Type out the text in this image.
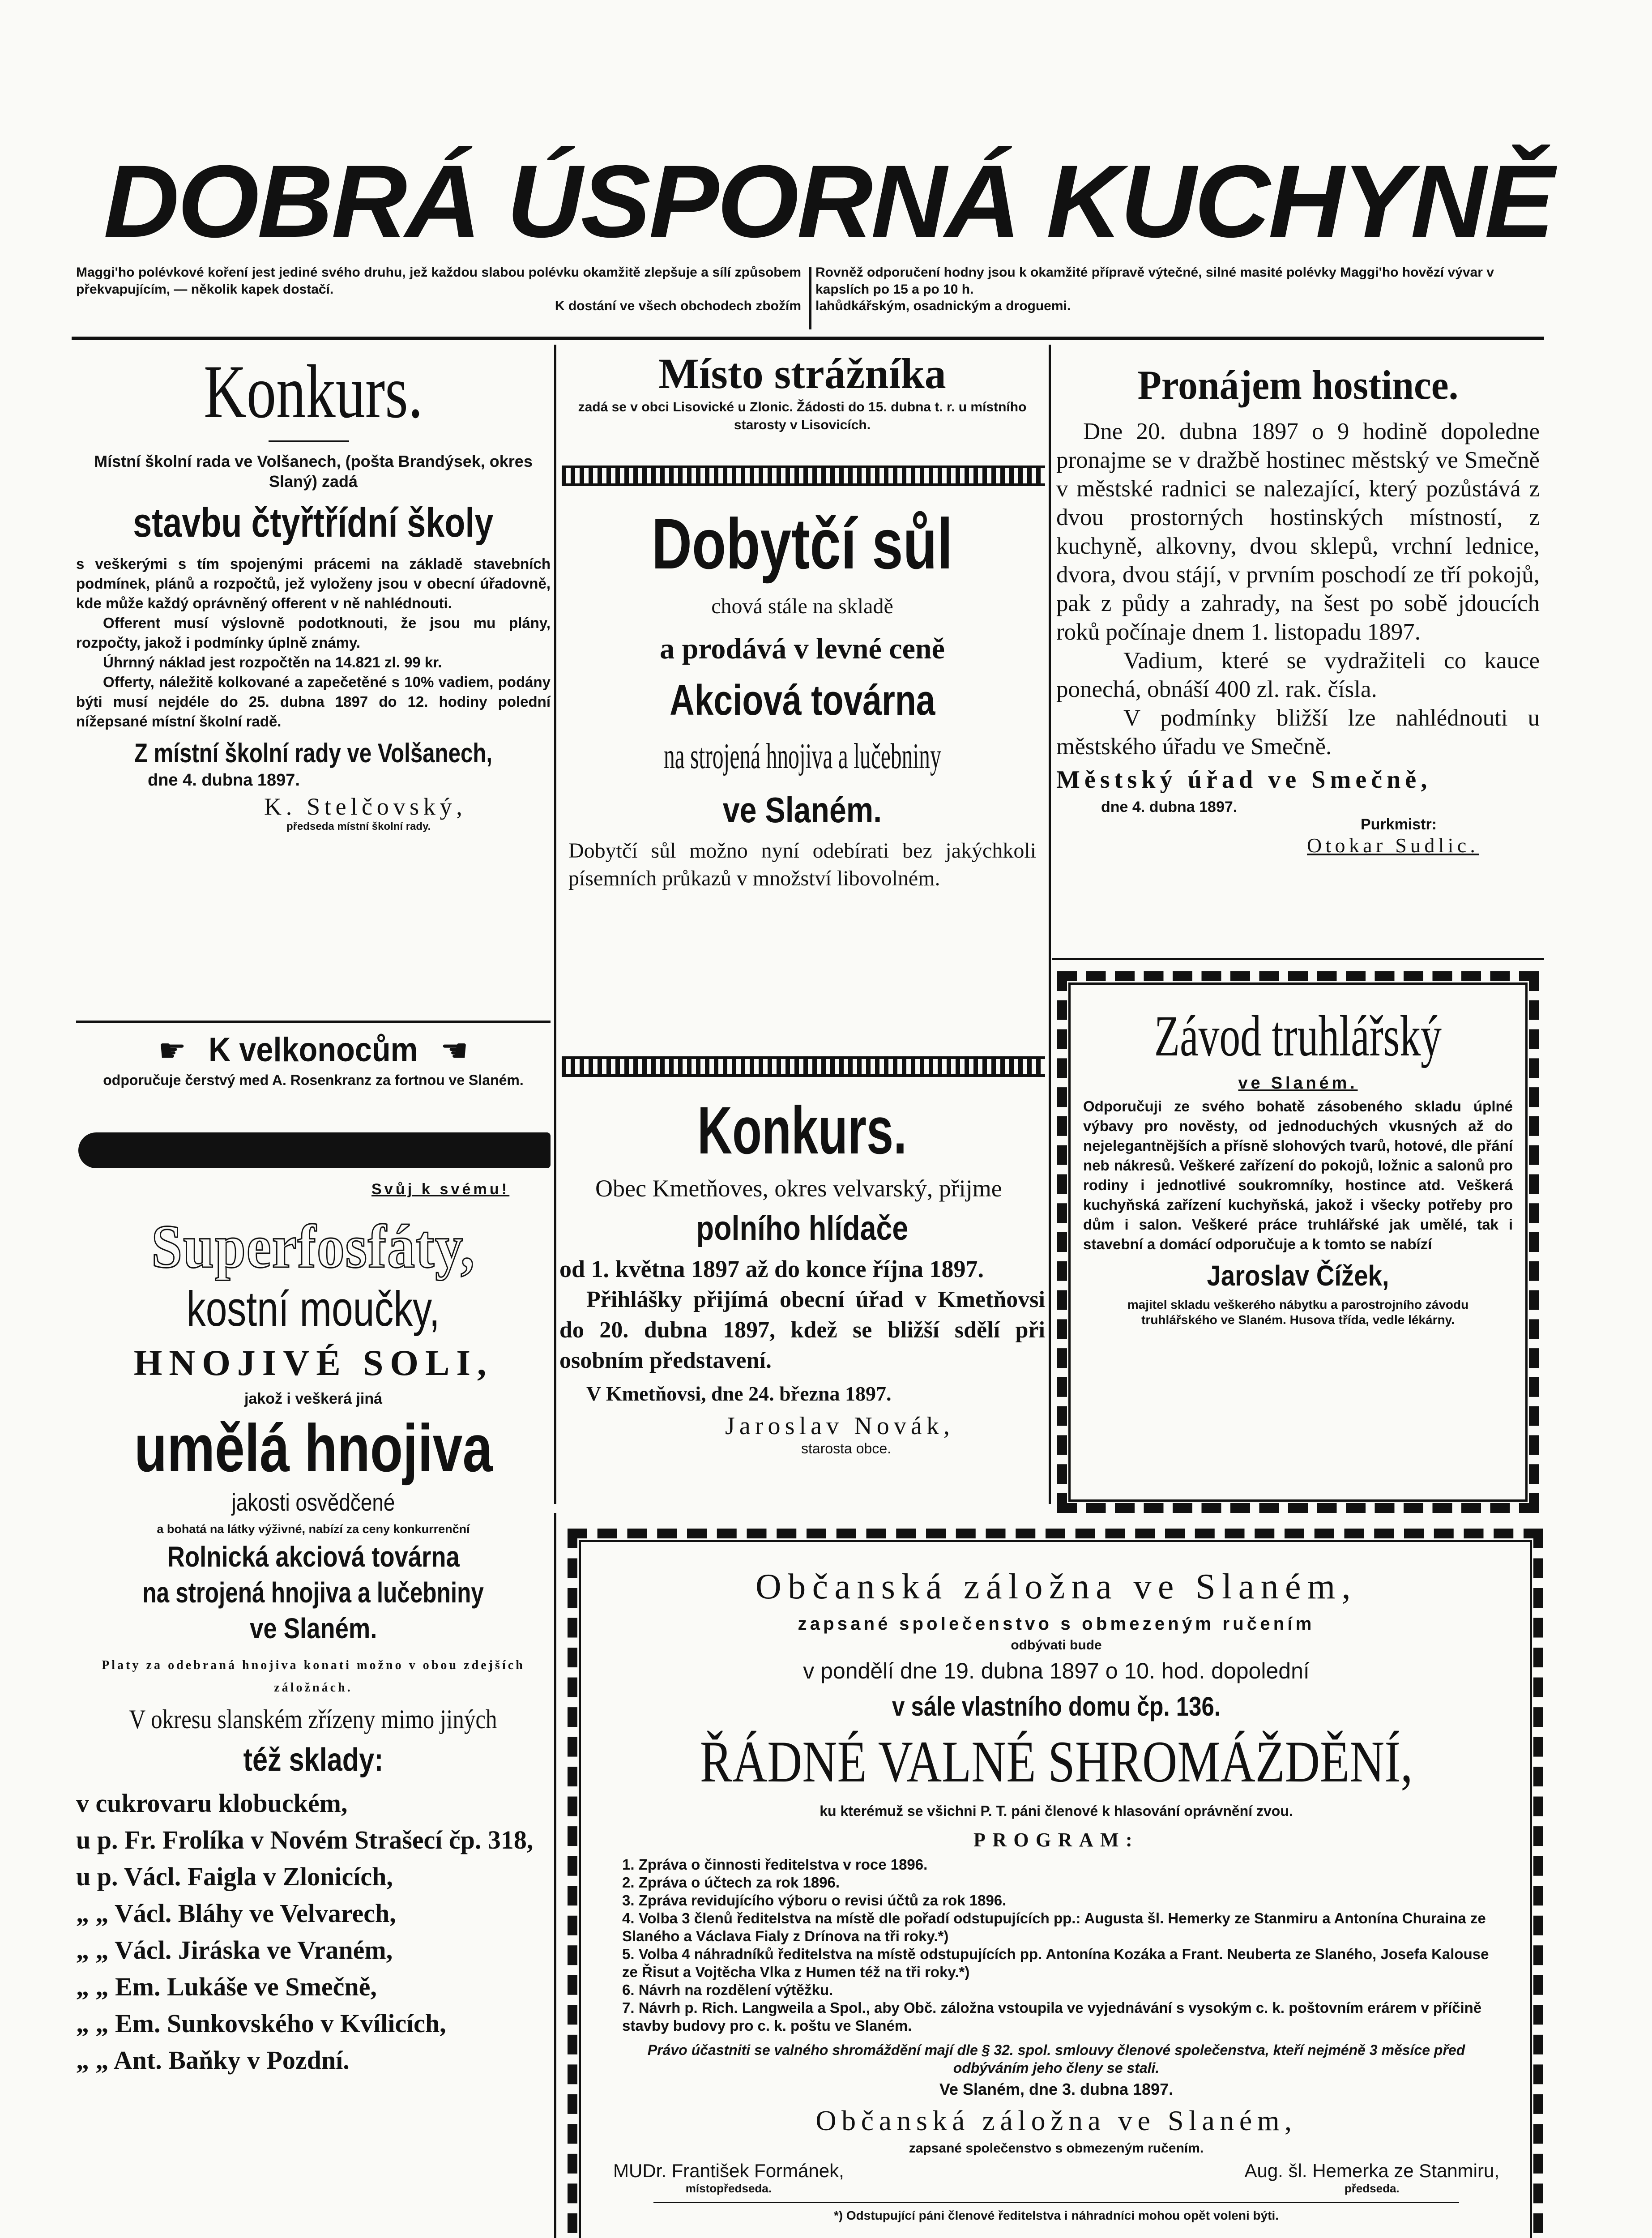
DOBRÁ ÚSPORNÁ KUCHYNĚ
Maggi'ho polévkové koření jest jediné svého druhu, jež každou slabou polévku okamžitě zlepšuje a sílí způsobem překvapujícím, — několik kapek dostačí.

K dostání ve všech obchodech zbožím
Rovněž odporučení hodny jsou k okamžité přípravě výtečné, silné masité polévky Maggi'ho hovězí vývar v kapslích po 15 a po 10 h.
lahůdkářským, osadnickým a droguemi.
Konkurs.
Místní školní rada ve Volšanech, (pošta Brandýsek, okres Slaný) zadá
stavbu čtyřtřídní školy
s veškerými s tím spojenými prácemi na základě stavebních podmínek, plánů a rozpočtů, jež vyloženy jsou v obecní úřadovně, kde může každý oprávněný offerent v ně nahlédnouti.
Offerent musí výslovně podotknouti, že jsou mu plány, rozpočty, jakož i podmínky úplně známy.
Úhrnný náklad jest rozpočtěn na 14.821 zl. 99 kr.
Offerty, náležitě kolkované a zapečetěné s 10% vadiem, podány býti musí nejdéle do 25. dubna 1897 do 12. hodiny polední nížepsané místní školní radě.
Z místní školní rady ve Volšanech,
dne 4. dubna 1897.
K. Stelčovský,
předseda místní školní rady.
☛ K velkonocům ☚
odporučuje čerstvý med A. Rosenkranz za fortnou ve Slaném.
Svůj k svému!
Superfosfáty,
kostní moučky,
HNOJIVÉ SOLI,
jakož i veškerá jiná
umělá hnojiva
jakosti osvědčené
a bohatá na látky výživné, nabízí za ceny konkurrenční
Rolnická akciová továrna
na strojená hnojiva a lučebniny
ve Slaném.
Platy za odebraná hnojiva konati možno v obou zdejších záložnách.
V okresu slanském zřízeny mimo jiných
též sklady:
v cukrovaru klobuckém,
u p. Fr. Frolíka v Novém Strašecí čp. 318,
u p. Václ. Faigla v Zlonicích,
„ „ Václ. Bláhy ve Velvarech,
„ „ Václ. Jiráska ve Vraném,
„ „ Em. Lukáše ve Smečně,
„ „ Em. Sunkovského v Kvílicích,
„ „ Ant. Baňky v Pozdní.
Místo strážníka
zadá se v obci Lisovické u Zlonic. Žádosti do 15. dubna t. r. u místního starosty v Lisovicích.
Dobytčí sůl
chová stále na skladě
a prodává v levné ceně
Akciová továrna
na strojená hnojiva a lučebniny
ve Slaném.
Dobytčí sůl možno nyní odebírati bez jakýchkoli písemních průkazů v množství libovolném.
Konkurs.
Obec Kmetňoves, okres velvarský, přijme
polního hlídače
od 1. května 1897 až do konce října 1897.
Přihlášky přijímá obecní úřad v Kmetňovsi do 20. dubna 1897, kdež se bližší sdělí při osobním představení.
V Kmetňovsi, dne 24. března 1897.
Jaroslav Novák,
starosta obce.
Pronájem hostince.
Dne 20. dubna 1897 o 9 hodině dopoledne pronajme se v dražbě hostinec městský ve Smečně v městské radnici se nalezající, který pozůstává z dvou prostorných hostinských místností, z kuchyně, alkovny, dvou sklepů, vrchní lednice, dvora, dvou stájí, v prvním poschodí ze tří pokojů, pak z půdy a zahrady, na šest po sobě jdoucích roků počínaje dnem 1. listopadu 1897.
Vadium, které se vydražiteli co kauce ponechá, obnáší 400 zl. rak. čísla.
V podmínky bližší lze nahlédnouti u městského úřadu ve Smečně.
Městský úřad ve Smečně,
dne 4. dubna 1897.
Purkmistr:
Otokar Sudlic.
Závod truhlářský
ve Slaném.
Odporučuji ze svého bohatě zásobeného skladu úplné výbavy pro nověsty, od jednoduchých vkusných až do nejelegantnějších a přísně slohových tvarů, hotové, dle přání neb nákresů. Veškeré zařízení do pokojů, ložnic a salonů pro rodiny i jednotlivé soukromníky, hostince atd. Veškerá kuchyňská zařízení kuchyňská, jakož i všecky potřeby pro dům i salon. Veškeré práce truhlářské jak umělé, tak i stavební a domácí odporučuje a k tomto se nabízí
Jaroslav Čížek,
majitel skladu veškerého nábytku a parostrojního závodu truhlářského ve Slaném. Husova třída, vedle lékárny.
Občanská záložna ve Slaném,
zapsané společenstvo s obmezeným ručením
odbývati bude
v pondělí dne 19. dubna 1897 o 10. hod. dopolední
v sále vlastního domu čp. 136.
ŘÁDNÉ VALNÉ SHROMÁŽDĚNÍ,
ku kterémuž se všichni P. T. páni členové k hlasování oprávnění zvou.
PROGRAM:
1. Zpráva o činnosti ředitelstva v roce 1896.
2. Zpráva o účtech za rok 1896.
3. Zpráva revidujícího výboru o revisi účtů za rok 1896.
4. Volba 3 členů ředitelstva na místě dle pořadí odstupujících pp.: Augusta šl. Hemerky ze Stanmiru a Antonína Churaina ze Slaného a Václava Fialy z Drínova na tři roky.*)
5. Volba 4 náhradníků ředitelstva na místě odstupujících pp. Antonína Kozáka a Frant. Neuberta ze Slaného, Josefa Kalouse ze Řisut a Vojtěcha Vlka z Humen též na tři roky.*)
6. Návrh na rozdělení výtěžku.
7. Návrh p. Rich. Langweila a Spol., aby Obč. záložna vstoupila ve vyjednávání s vysokým c. k. poštovním erárem v příčině stavby budovy pro c. k. poštu ve Slaném.
Právo účastniti se valného shromáždění mají dle § 32. spol. smlouvy členové společenstva, kteří nejméně 3 měsíce před odbýváním jeho členy se stali.
Ve Slaném, dne 3. dubna 1897.
Občanská záložna ve Slaném,
zapsané společenstvo s obmezeným ručením.
MUDr. František Formánek,
místopředseda.
Aug. šl. Hemerka ze Stanmiru,
předseda.
*) Odstupující páni členové ředitelstva i náhradníci mohou opět voleni býti.
